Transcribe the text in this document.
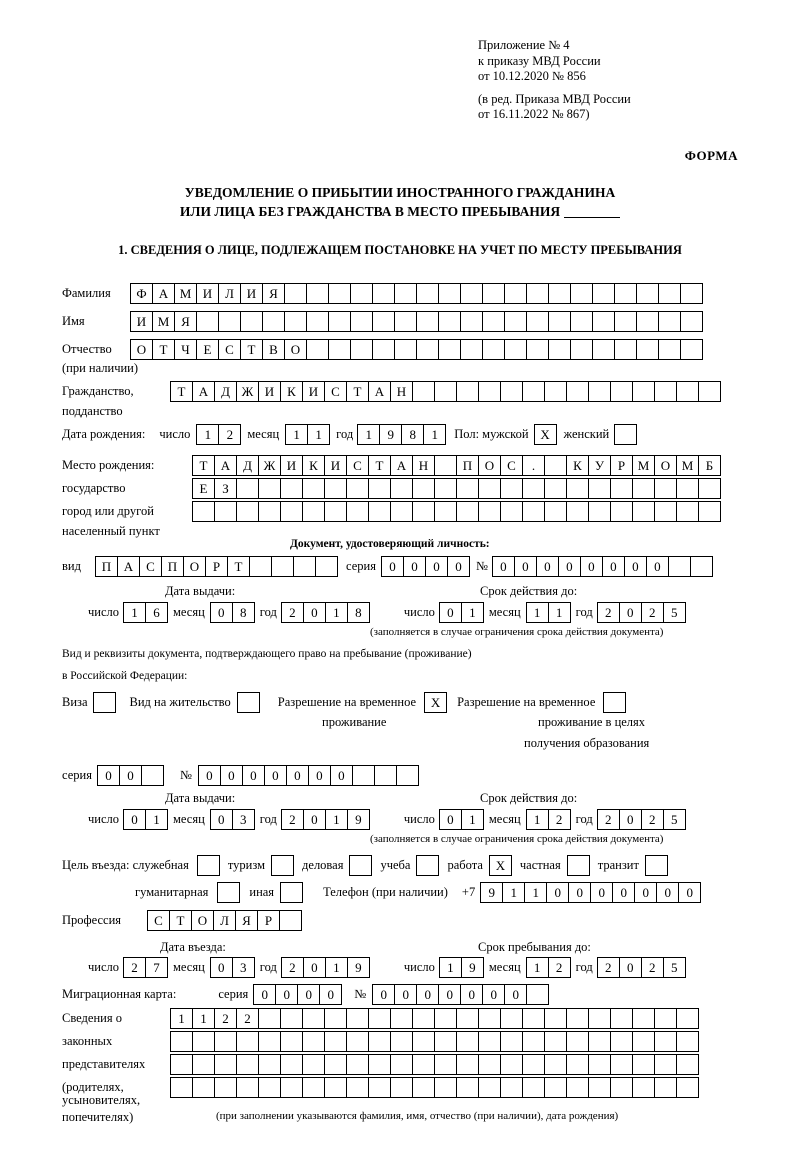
Приложение № 4
к приказу МВД России
от 10.12.2020 № 856
(в ред. Приказа МВД России
от 16.11.2022 № 867)
ФОРМА
УВЕДОМЛЕНИЕ О ПРИБЫТИИ ИНОСТРАННОГО ГРАЖДАНИНА
ИЛИ ЛИЦА БЕЗ ГРАЖДАНСТВА В МЕСТО ПРЕБЫВАНИЯ
1. СВЕДЕНИЯ О ЛИЦЕ, ПОДЛЕЖАЩЕМ ПОСТАНОВКЕ НА УЧЕТ ПО МЕСТУ ПРЕБЫВАНИЯ
Фамилия	Ф А М И Л И Я
Имя	И М Я
Отчество	О	Т	Ч	Е	С	Т	В О
(при наличии)
Гражданство,	Т	А Д Ж И К И С	Т	А Н
подданство
Дата рождения: число	1	2	месяц	1	1	год 1	9	8	1	Пол: мужской X	женский
Место рождения:	Т	А Д Ж И К И С	Т	А Н	П О С	.	К	У	Р М О М Б
государство	Е	З
город или другой
населенный пункт
Документ, удостоверяющий личность:
вид	П А С П О	Р	Т	серия	0	0	0	0	№ 0	0	0	0	0	0	0	0
Дата выдачи:	Срок действия до:
число 1	6	месяц	0	8	год 2	0	1	8	число 0	1	месяц	1	1	год 2	0	2	5
(заполняется в случае ограничения срока действия документа)
Вид и реквизиты документа, подтверждающего право на пребывание (проживание)
в Российской Федерации:
Виза	Вид на жительство	Разрешение на временное	X	Разрешение на временное
проживание	проживание в целях
получения образования
серия	0	0	№	0	0	0	0	0	0	0
Дата выдачи:	Срок действия до:
число 0	1	месяц	0	3	год 2	0	1	9	число 0	1	месяц	1	2	год 2	0	2	5
(заполняется в случае ограничения срока действия документа)
Цель въезда: служебная	туризм	деловая	учеба	работа X	частная	транзит
гуманитарная	иная	Телефон (при наличии) +7	9	1	1	0	0	0	0	0	0	0
Профессия	С	Т	О Л	Я	Р
Дата въезда:	Срок пребывания до:
число 2	7	месяц	0	3	год 2	0	1	9	число 1	9	месяц	1	2	год 2	0	2	5
Миграционная карта:	серия	0	0	0	0	№	0	0	0	0	0	0	0
Сведения о	1	1	2	2
законных
представителях
(родителях,
усыновителях,
попечителях)	(при заполнении указываются фамилия, имя, отчество (при наличии), дата рождения)
